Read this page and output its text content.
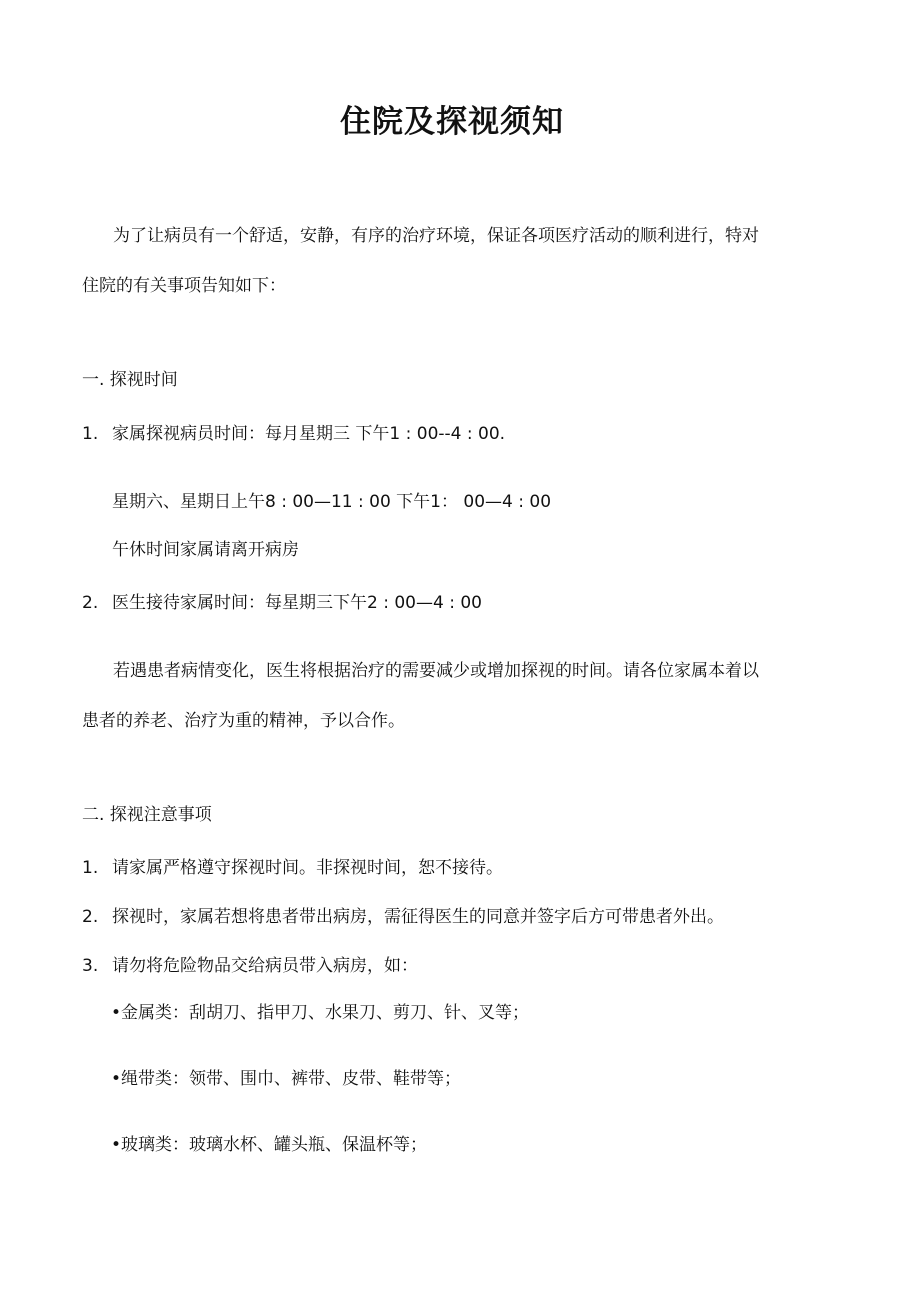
住院及探视须知

为了让病员有一个舒适，安静，有序的治疗环境，保证各项医疗活动的顺利进行，特对

住院的有关事项告知如下：

一. 探视时间

1. 家属探视病员时间：每月星期三 下午1 : 00--4 : 00.

星期六、星期日上午8 : 00—11 : 00 下午1： 00—4 : 00

午休时间家属请离开病房

2. 医生接待家属时间：每星期三下午2 : 00—4 : 00

若遇患者病情变化，医生将根据治疗的需要减少或增加探视的时间。请各位家属本着以

患者的养老、治疗为重的精神，予以合作。

二. 探视注意事项

1. 请家属严格遵守探视时间。非探视时间，恕不接待。

2. 探视时，家属若想将患者带出病房，需征得医生的同意并签字后方可带患者外出。

3. 请勿将危险物品交给病员带入病房，如：

•金属类：刮胡刀、指甲刀、水果刀、剪刀、针、叉等；

•绳带类：领带、围巾、裤带、皮带、鞋带等；

•玻璃类：玻璃水杯、罐头瓶、保温杯等；
